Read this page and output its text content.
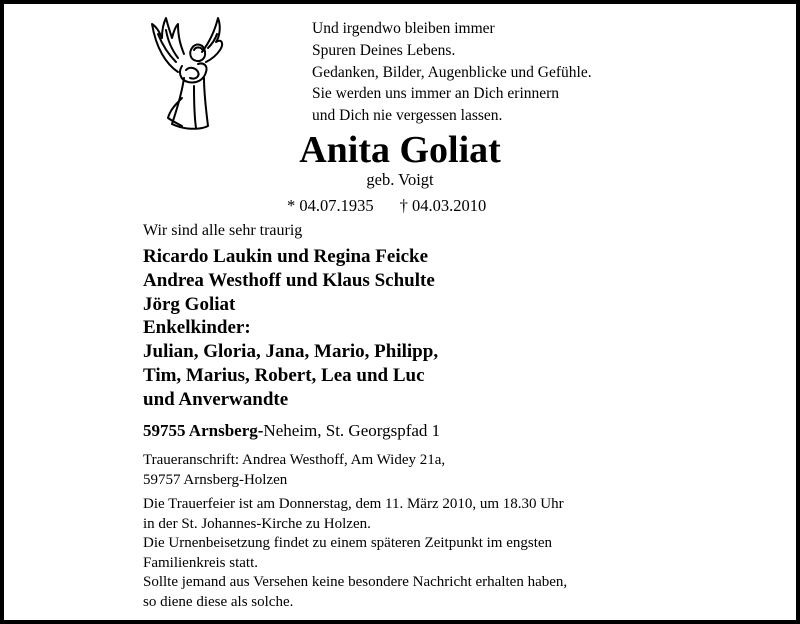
Und irgendwo bleiben immer
Spuren Deines Lebens.
Gedanken, Bilder, Augenblicke und Gefühle.
Sie werden uns immer an Dich erinnern
und Dich nie vergessen lassen.
Anita Goliat
geb. Voigt
* 04.07.1935 † 04.03.2010
Wir sind alle sehr traurig
Ricardo Laukin und Regina Feicke
Andrea Westhoff und Klaus Schulte
Jörg Goliat
Enkelkinder:
Julian, Gloria, Jana, Mario, Philipp,
Tim, Marius, Robert, Lea und Luc
und Anverwandte
59755 Arnsberg-Neheim, St. Georgspfad 1
Traueranschrift: Andrea Westhoff, Am Widey 21a,
59757 Arnsberg-Holzen
Die Trauerfeier ist am Donnerstag, dem 11. März 2010, um 18.30 Uhr
in der St. Johannes-Kirche zu Holzen.
Die Urnenbeisetzung findet zu einem späteren Zeitpunkt im engsten
Familienkreis statt.
Sollte jemand aus Versehen keine besondere Nachricht erhalten haben,
so diene diese als solche.
